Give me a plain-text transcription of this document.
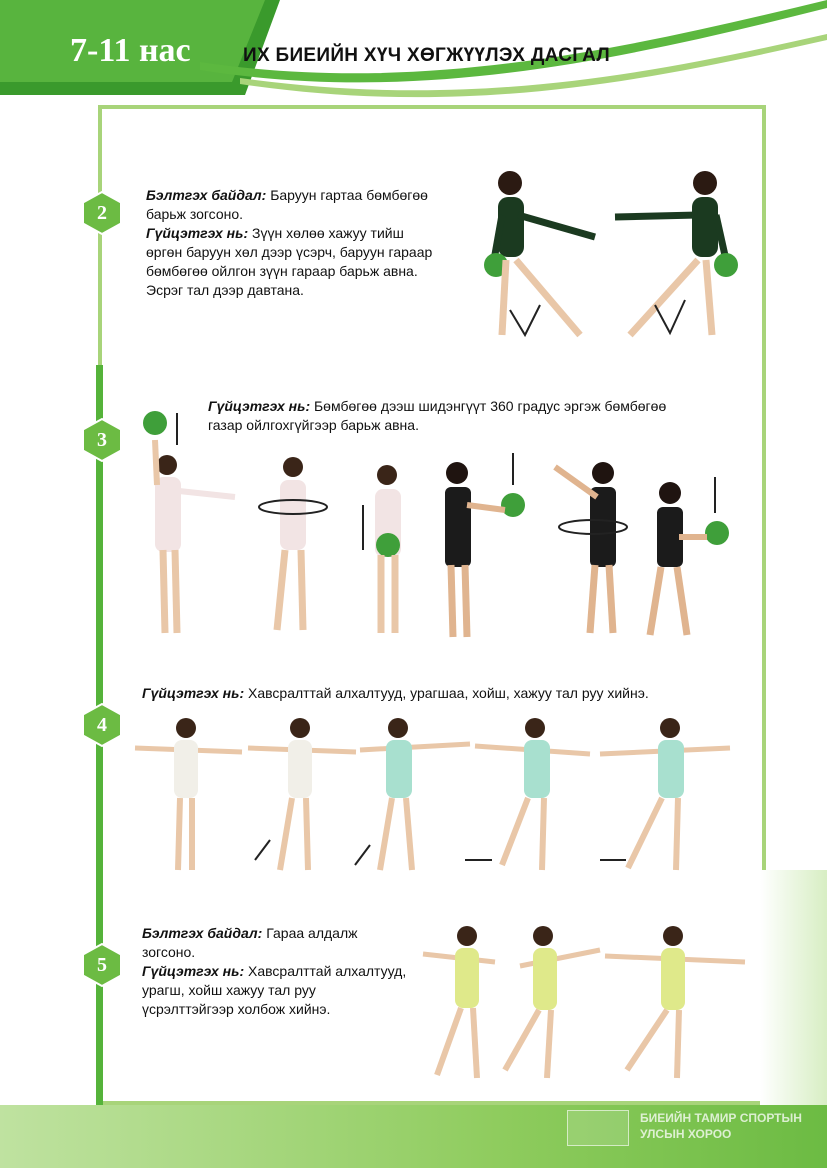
7-11 нас	ИХ БИЕИЙН ХҮЧ ХӨГЖҮҮЛЭХ ДАСГАЛ
2
Бэлтгэх байдал: Баруун гартаа бөмбөгөө барьж зогсоно.
Гүйцэтгэх нь: Зүүн хөлөө хажуу тийш өргөн баруун хөл дээр үсэрч, баруун гараар бөмбөгөө ойлгон зүүн гараар барьж авна. Эсрэг тал дээр давтана.
3
Гүйцэтгэх нь: Бөмбөгөө дээш шидэнгүүт 360 градус эргэж бөмбөгөө газар ойлгохгүйгээр барьж авна.
4
Гүйцэтгэх нь: Хавсралттай алхалтууд, урагшаа, хойш, хажуу тал руу хийнэ.
5
Бэлтгэх байдал: Гараа алдалж зогсоно.
Гүйцэтгэх нь: Хавсралттай алхалтууд, урагш, хойш хажуу тал руу үсрэлттэйгээр холбож хийнэ.
БИЕИЙН ТАМИР СПОРТЫН
УЛСЫН ХОРОО
